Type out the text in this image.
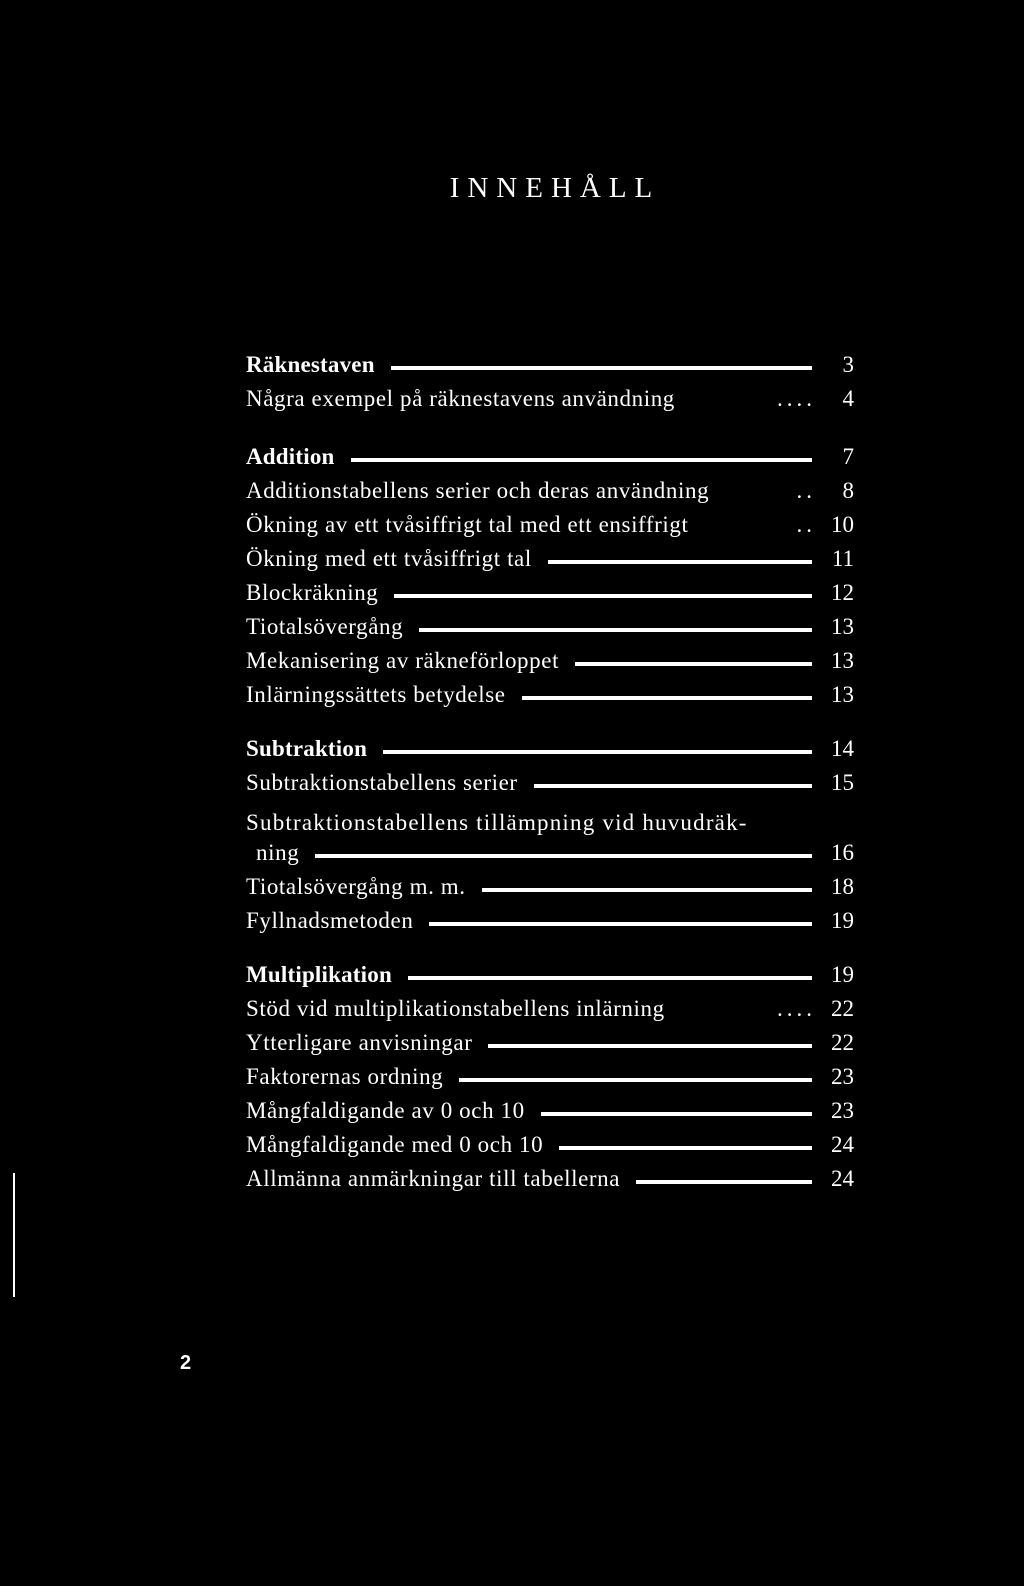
INNEHÅLL
Räknestaven	3
Några exempel på räknestavens användning	....	4
Addition	7
Additionstabellens serier och deras användning	..	8
Ökning av ett tvåsiffrigt tal med ett ensiffrigt	.. 10
Ökning med ett tvåsiffrigt tal	11
Blockräkning	12
Tiotalsövergång	13
Mekanisering av räkneförloppet	13
Inlärningssättets betydelse	13
Subtraktion	14
Subtraktionstabellens serier	15
Subtraktionstabellens tillämpning vid huvudräk-
ning	16
Tiotalsövergång m. m.	18
Fyllnadsmetoden	19
Multiplikation	19
Stöd vid multiplikationstabellens inlärning	.... 22
Ytterligare anvisningar	22
Faktorernas ordning	23
Mångfaldigande av 0 och 10	23
Mångfaldigande med 0 och 10	24
Allmänna anmärkningar till tabellerna	24
2
